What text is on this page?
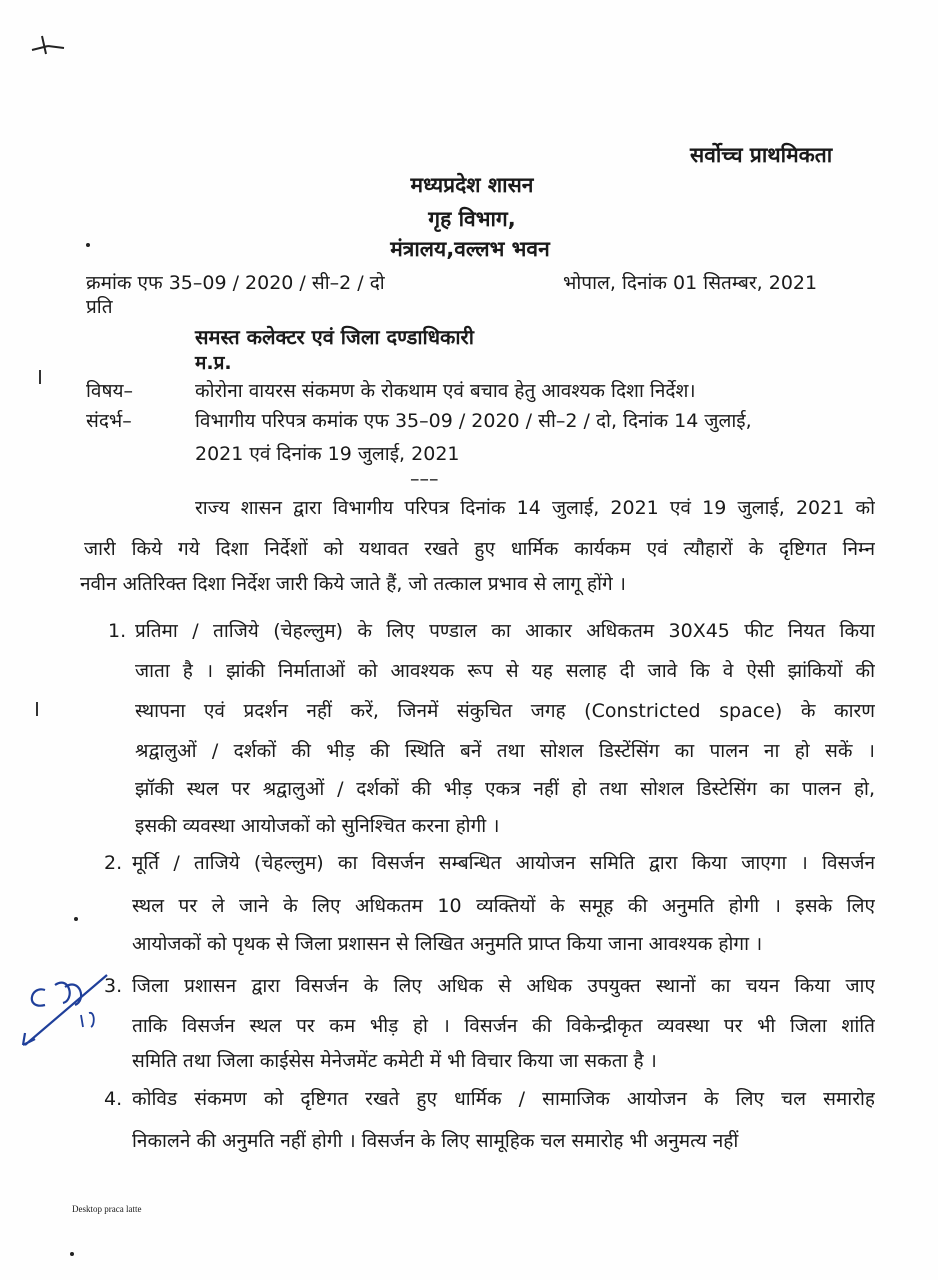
सर्वोच्च प्राथमिकता
मध्यप्रदेश शासन
गृह विभाग,
मंत्रालय,वल्लभ भवन
क्रमांक एफ 35–09 / 2020 / सी–2 / दो	भोपाल, दिनांक 01 सितम्बर, 2021
प्रति
समस्त कलेक्टर एवं जिला दण्डाधिकारी
म.प्र.
विषय–	कोरोना वायरस संकमण के रोकथाम एवं बचाव हेतु आवश्यक दिशा निर्देश।
संदर्भ–	विभागीय परिपत्र कमांक एफ 35–09 / 2020 / सी–2 / दो, दिनांक 14 जुलाई,
2021 एवं दिनांक 19 जुलाई, 2021
–––
राज्य शासन द्वारा विभागीय परिपत्र दिनांक 14 जुलाई, 2021 एवं 19 जुलाई, 2021 को
जारी किये गये दिशा निर्देशों को यथावत रखते हुए धार्मिक कार्यकम एवं त्यौहारों के दृष्टिगत निम्न
नवीन अतिरिक्त दिशा निर्देश जारी किये जाते हैं, जो तत्काल प्रभाव से लागू होंगे ।
1. प्रतिमा / ताजिये (चेहल्लुम) के लिए पण्डाल का आकार अधिकतम 30X45 फीट नियत किया
जाता है । झांकी निर्माताओं को आवश्यक रूप से यह सलाह दी जावे कि वे ऐसी झांकियों की
स्थापना एवं प्रदर्शन नहीं करें, जिनमें संकुचित जगह (Constricted space) के कारण
श्रद्वालुओं / दर्शकों की भीड़ की स्थिति बनें तथा सोशल डिस्टेंसिंग का पालन ना हो सकें ।
झॉकी स्थल पर श्रद्वालुओं / दर्शकों की भीड़ एकत्र नहीं हो तथा सोशल डिस्टेसिंग का पालन हो,
इसकी व्यवस्था आयोजकों को सुनिश्चित करना होगी ।
2. मूर्ति / ताजिये (चेहल्लुम) का विसर्जन सम्बन्धित आयोजन समिति द्वारा किया जाएगा । विसर्जन
स्थल पर ले जाने के लिए अधिकतम 10 व्यक्तियों के समूह की अनुमति होगी । इसके लिए
आयोजकों को पृथक से जिला प्रशासन से लिखित अनुमति प्राप्त किया जाना आवश्यक होगा ।
3. जिला प्रशासन द्वारा विसर्जन के लिए अधिक से अधिक उपयुक्त स्थानों का चयन किया जाए
ताकि विसर्जन स्थल पर कम भीड़ हो । विसर्जन की विकेन्द्रीकृत व्यवस्था पर भी जिला शांति
समिति तथा जिला काईसेस मेनेजमेंट कमेटी में भी विचार किया जा सकता है ।
4. कोविड संकमण को दृष्टिगत रखते हुए धार्मिक / सामाजिक आयोजन के लिए चल समारोह
निकालने की अनुमति नहीं होगी । विसर्जन के लिए सामूहिक चल समारोह भी अनुमत्य नहीं
Desktop praca latte
